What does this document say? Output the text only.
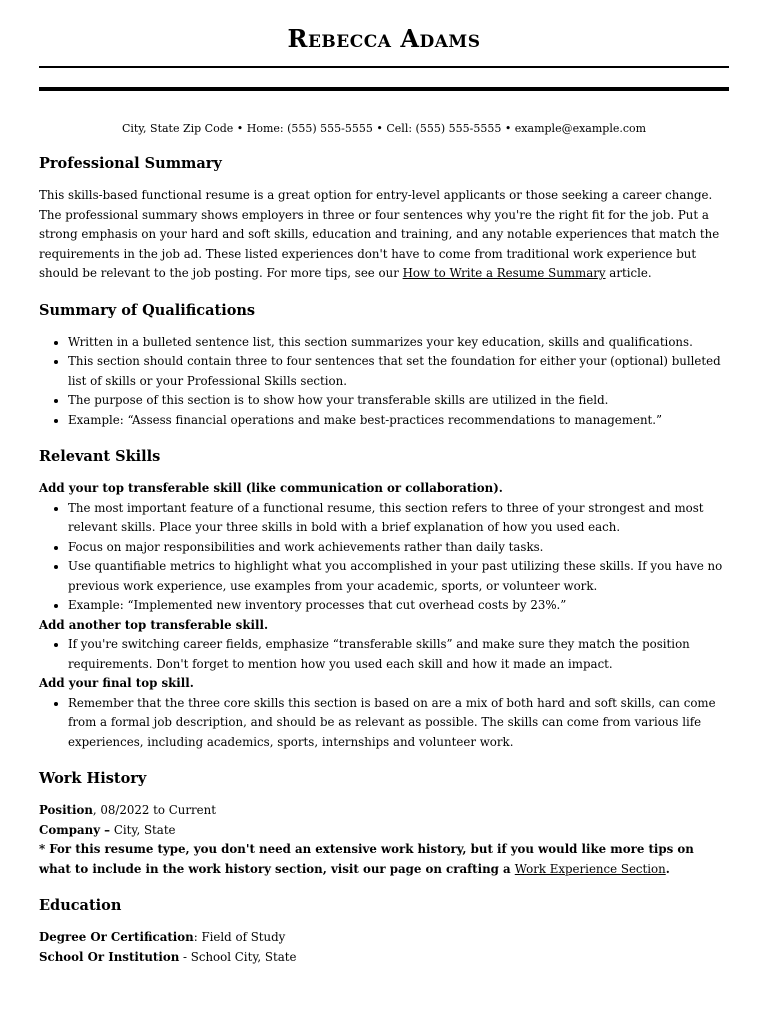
Rebecca Adams
City, State Zip Code • Home: (555) 555-5555 • Cell: (555) 555-5555 • example@example.com
Professional Summary

This skills-based functional resume is a great option for entry-level applicants or those seeking a career change. The professional summary shows employers in three or four sentences why you're the right fit for the job. Put a strong emphasis on your hard and soft skills, education and training, and any notable experiences that match the requirements in the job ad. These listed experiences don't have to come from traditional work experience but should be relevant to the job posting. For more tips, see our How to Write a Resume Summary article.

Summary of Qualifications
• Written in a bulleted sentence list, this section summarizes your key education, skills and qualifications.
• This section should contain three to four sentences that set the foundation for either your (optional) bulleted list of skills or your Professional Skills section.
• The purpose of this section is to show how your transferable skills are utilized in the field.
• Example: “Assess financial operations and make best-practices recommendations to management.”
Relevant Skills
Add your top transferable skill (like communication or collaboration).
• The most important feature of a functional resume, this section refers to three of your strongest and most relevant skills. Place your three skills in bold with a brief explanation of how you used each.
• Focus on major responsibilities and work achievements rather than daily tasks.
• Use quantifiable metrics to highlight what you accomplished in your past utilizing these skills. If you have no previous work experience, use examples from your academic, sports, or volunteer work.
• Example: “Implemented new inventory processes that cut overhead costs by 23%.”
Add another top transferable skill.
• If you're switching career fields, emphasize “transferable skills” and make sure they match the position requirements. Don't forget to mention how you used each skill and how it made an impact.
Add your final top skill.
• Remember that the three core skills this section is based on are a mix of both hard and soft skills, can come from a formal job description, and should be as relevant as possible. The skills can come from various life experiences, including academics, sports, internships and volunteer work.
Work History

Position, 08/2022 to Current

Company – City, State

* For this resume type, you don't need an extensive work history, but if you would like more tips on what to include in the work history section, visit our page on crafting a Work Experience Section.

Education

Degree Or Certification: Field of Study

School Or Institution - School City, State
